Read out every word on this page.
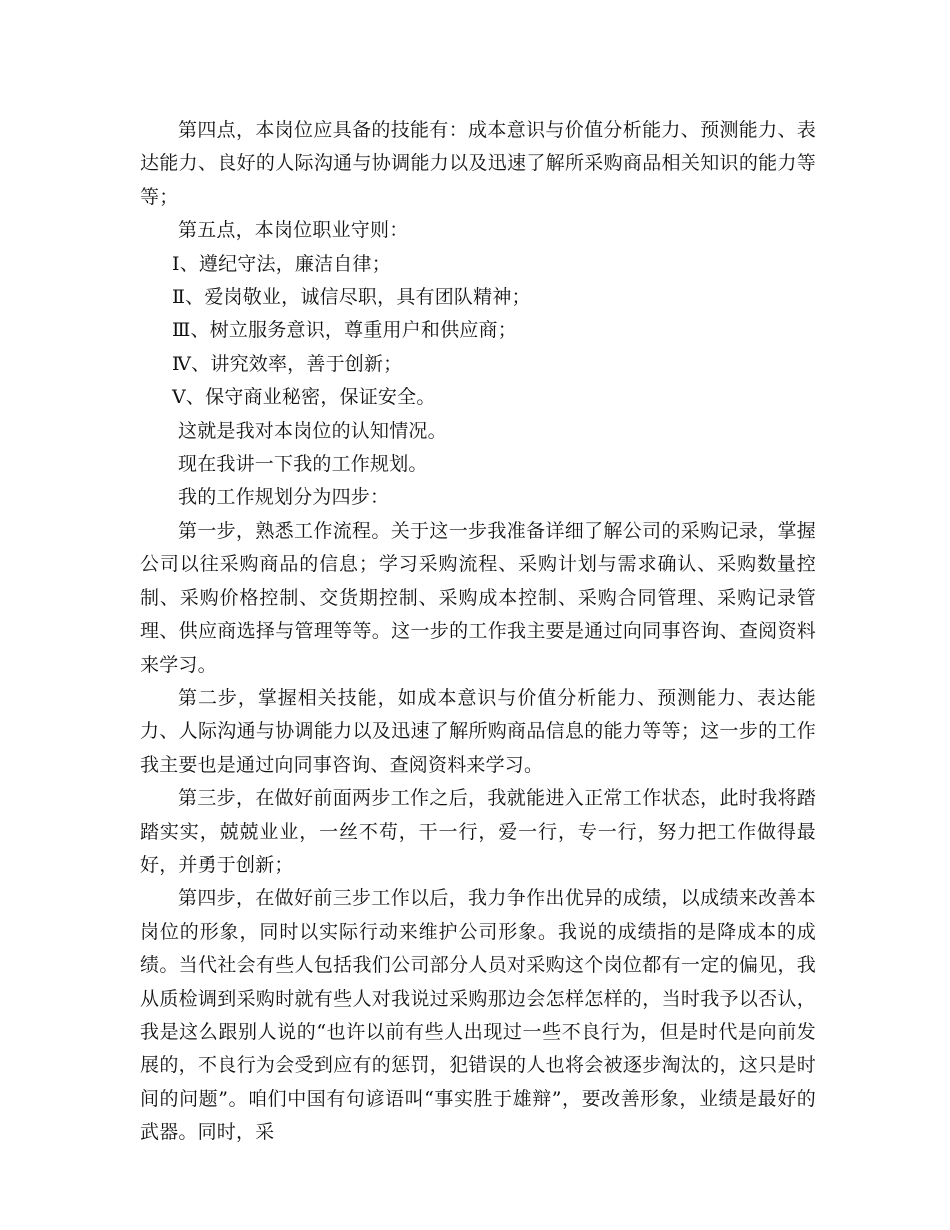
第四点，本岗位应具备的技能有：成本意识与价值分析能力、预测能力、表达能力、良好的人际沟通与协调能力以及迅速了解所采购商品相关知识的能力等等；

第五点，本岗位职业守则：

Ⅰ、遵纪守法，廉洁自律；

Ⅱ、爱岗敬业，诚信尽职，具有团队精神；

Ⅲ、树立服务意识，尊重用户和供应商；

Ⅳ、讲究效率，善于创新；

Ⅴ、保守商业秘密，保证安全。

这就是我对本岗位的认知情况。

现在我讲一下我的工作规划。

我的工作规划分为四步：

第一步，熟悉工作流程。关于这一步我准备详细了解公司的采购记录，掌握公司以往采购商品的信息；学习采购流程、采购计划与需求确认、采购数量控制、采购价格控制、交货期控制、采购成本控制、采购合同管理、采购记录管理、供应商选择与管理等等。这一步的工作我主要是通过向同事咨询、查阅资料来学习。

第二步，掌握相关技能，如成本意识与价值分析能力、预测能力、表达能力、人际沟通与协调能力以及迅速了解所购商品信息的能力等等；这一步的工作我主要也是通过向同事咨询、查阅资料来学习。

第三步，在做好前面两步工作之后，我就能进入正常工作状态，此时我将踏踏实实，兢兢业业，一丝不苟，干一行，爱一行，专一行，努力把工作做得最好，并勇于创新；

第四步，在做好前三步工作以后，我力争作出优异的成绩，以成绩来改善本岗位的形象，同时以实际行动来维护公司形象。我说的成绩指的是降成本的成绩。当代社会有些人包括我们公司部分人员对采购这个岗位都有一定的偏见，我从质检调到采购时就有些人对我说过采购那边会怎样怎样的，当时我予以否认，我是这么跟别人说的“也许以前有些人出现过一些不良行为，但是时代是向前发展的，不良行为会受到应有的惩罚，犯错误的人也将会被逐步淘汰的，这只是时间的问题”。咱们中国有句谚语叫“事实胜于雄辩”，要改善形象，业绩是最好的武器。同时，采
